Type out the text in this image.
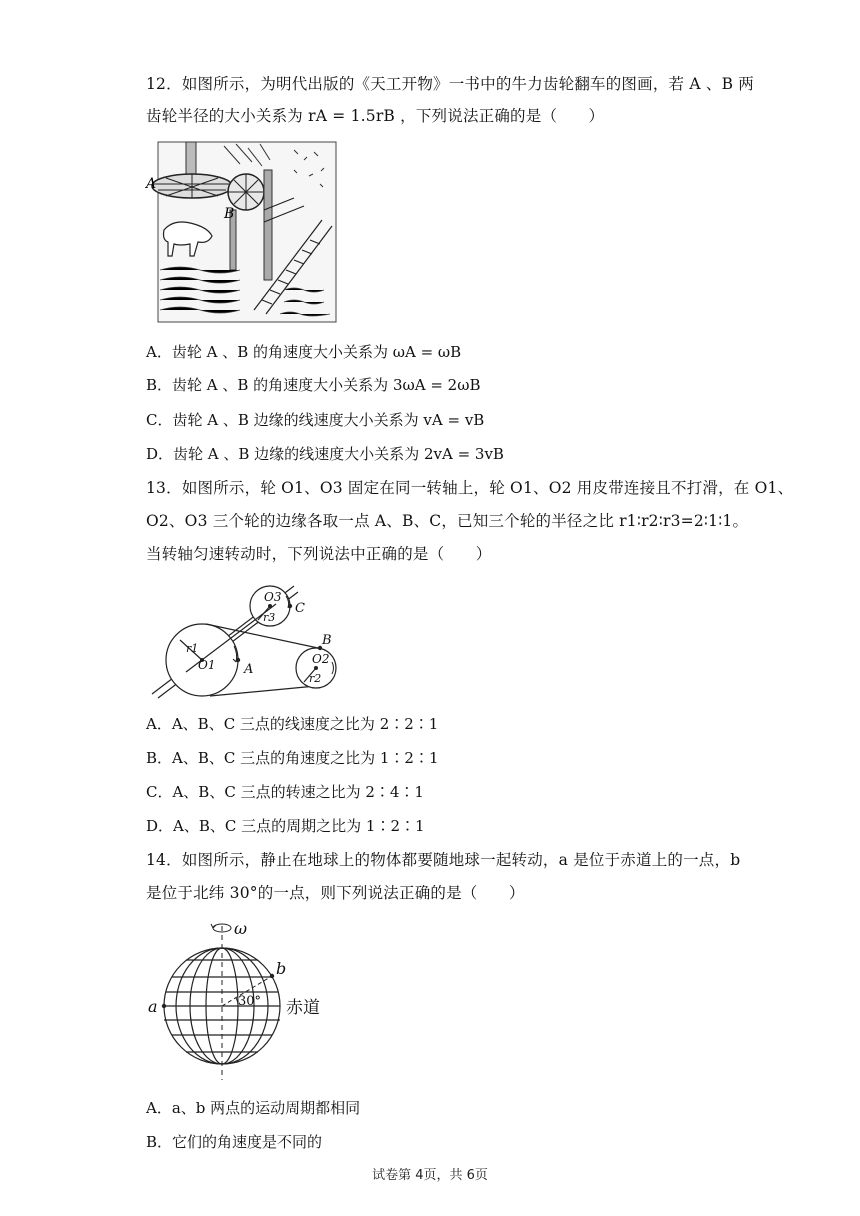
12．如图所示，为明代出版的《天工开物》一书中的牛力齿轮翻车的图画，若 A 、B 两
齿轮半径的大小关系为 rA = 1.5rB ，下列说法正确的是（　　）
A
B
A．齿轮 A 、B 的角速度大小关系为 ωA = ωB
B．齿轮 A 、B 的角速度大小关系为 3ωA = 2ωB
C．齿轮 A 、B 边缘的线速度大小关系为 vA = vB
D．齿轮 A 、B 边缘的线速度大小关系为 2vA = 3vB
13．如图所示，轮 O1、O3 固定在同一转轴上，轮 O1、O2 用皮带连接且不打滑，在 O1、
O2、O3 三个轮的边缘各取一点 A、B、C，已知三个轮的半径之比 r1∶r2∶r3=2∶1∶1。
当转轴匀速转动时，下列说法中正确的是（　　）
O1
r1
A
O2
r2
B
O3
r3
C
A．A、B、C 三点的线速度之比为 2∶2∶1
B．A、B、C 三点的角速度之比为 1∶2∶1
C．A、B、C 三点的转速之比为 2∶4∶1
D．A、B、C 三点的周期之比为 1∶2∶1
14．如图所示，静止在地球上的物体都要随地球一起转动，a 是位于赤道上的一点，b
是位于北纬 30°的一点，则下列说法正确的是（　　）
ω
a
b
30° 赤道
A．a、b 两点的运动周期都相同
B．它们的角速度是不同的
试卷第 4页，共 6页
